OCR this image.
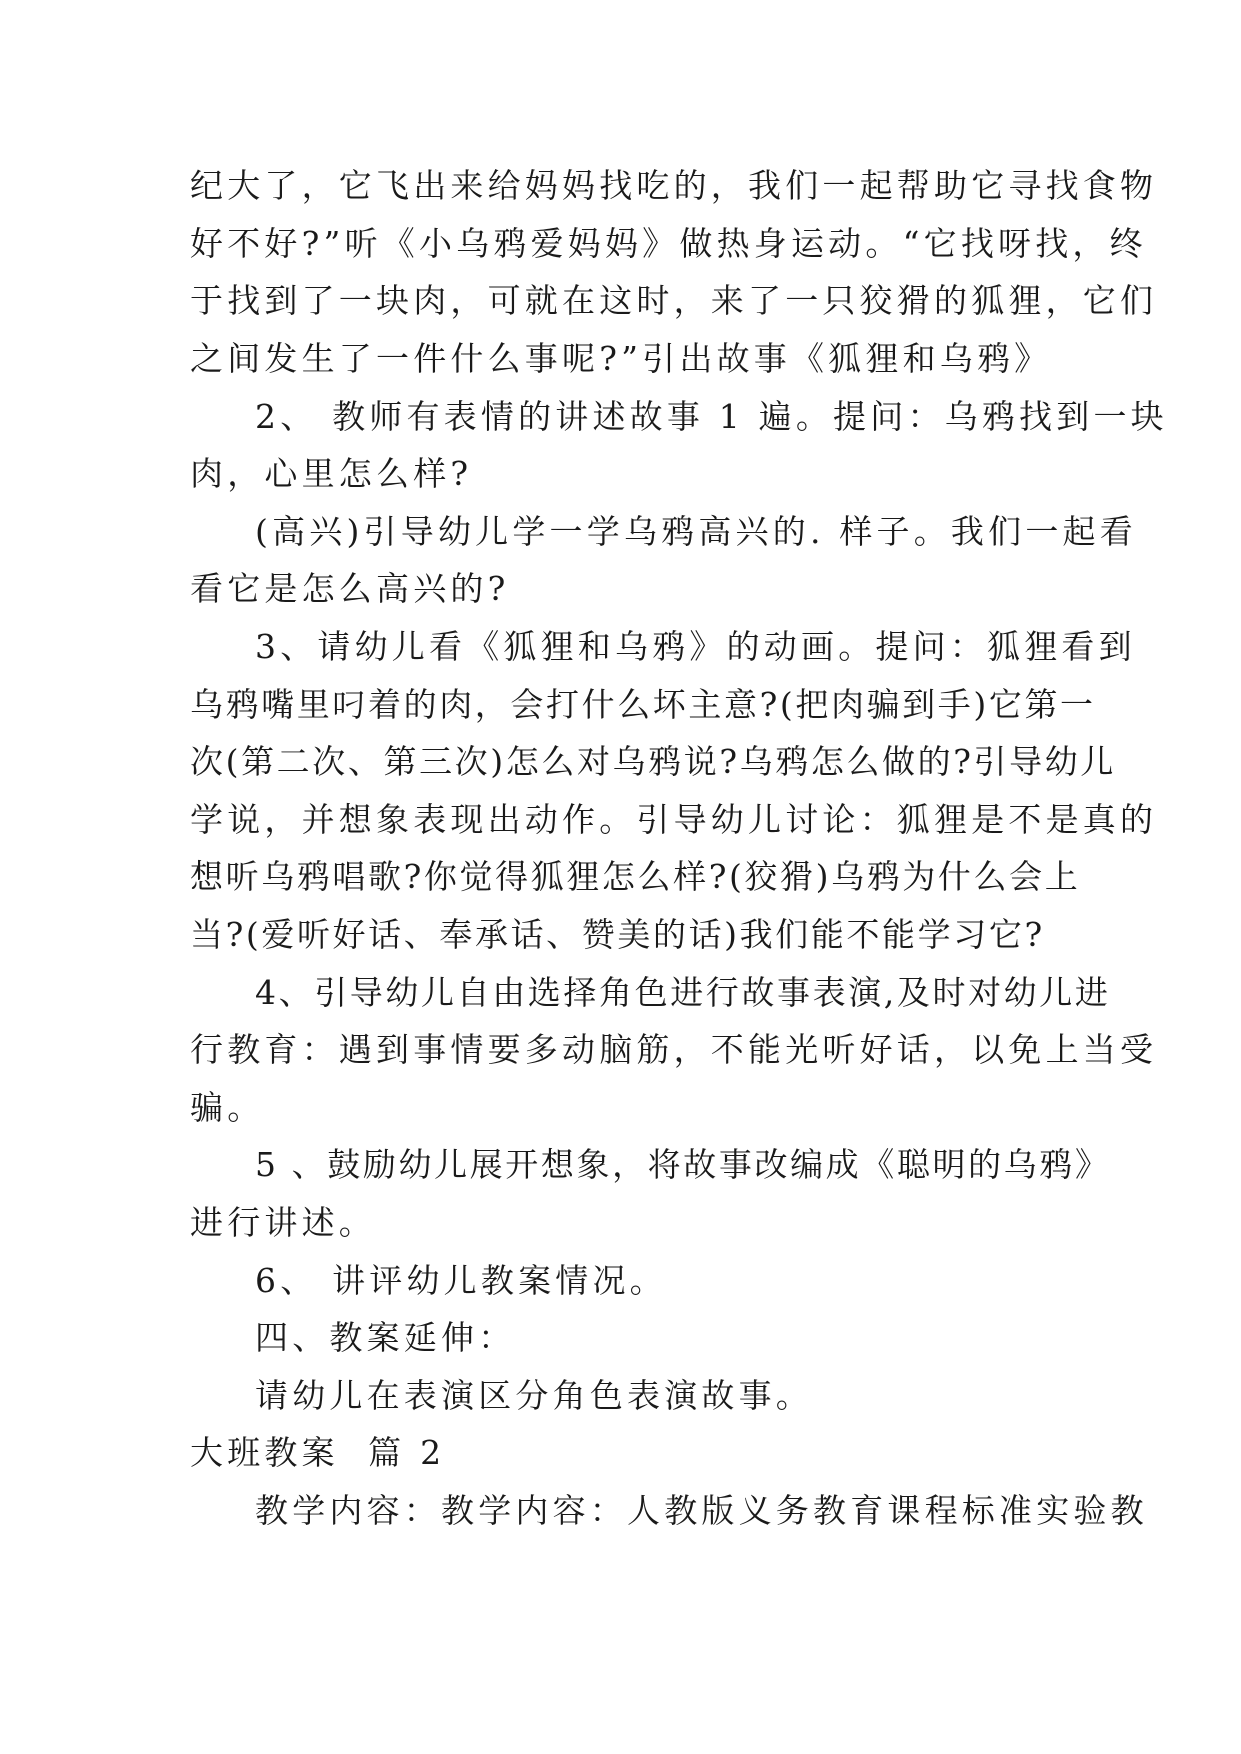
纪大了，它飞出来给妈妈找吃的，我们一起帮助它寻找食物
好不好?”听《小乌鸦爱妈妈》做热身运动。“它找呀找，终
于找到了一块肉，可就在这时，来了一只狡猾的狐狸，它们
之间发生了一件什么事呢?”引出故事《狐狸和乌鸦》
2、 教师有表情的讲述故事 1 遍。提问：乌鸦找到一块
肉，心里怎么样?
(高兴)引导幼儿学一学乌鸦高兴的. 样子。我们一起看
看它是怎么高兴的?
3、请幼儿看《狐狸和乌鸦》的动画。提问：狐狸看到
乌鸦嘴里叼着的肉，会打什么坏主意?(把肉骗到手)它第一
次(第二次、第三次)怎么对乌鸦说?乌鸦怎么做的?引导幼儿
学说，并想象表现出动作。引导幼儿讨论：狐狸是不是真的
想听乌鸦唱歌?你觉得狐狸怎么样?(狡猾)乌鸦为什么会上
当?(爱听好话、奉承话、赞美的话)我们能不能学习它?
4、引导幼儿自由选择角色进行故事表演,及时对幼儿进
行教育：遇到事情要多动脑筋，不能光听好话，以免上当受
骗。
5 、鼓励幼儿展开想象，将故事改编成《聪明的乌鸦》
进行讲述。
6、 讲评幼儿教案情况。
四、教案延伸：
请幼儿在表演区分角色表演故事。
大班教案  篇 2
教学内容：教学内容：人教版义务教育课程标准实验教
